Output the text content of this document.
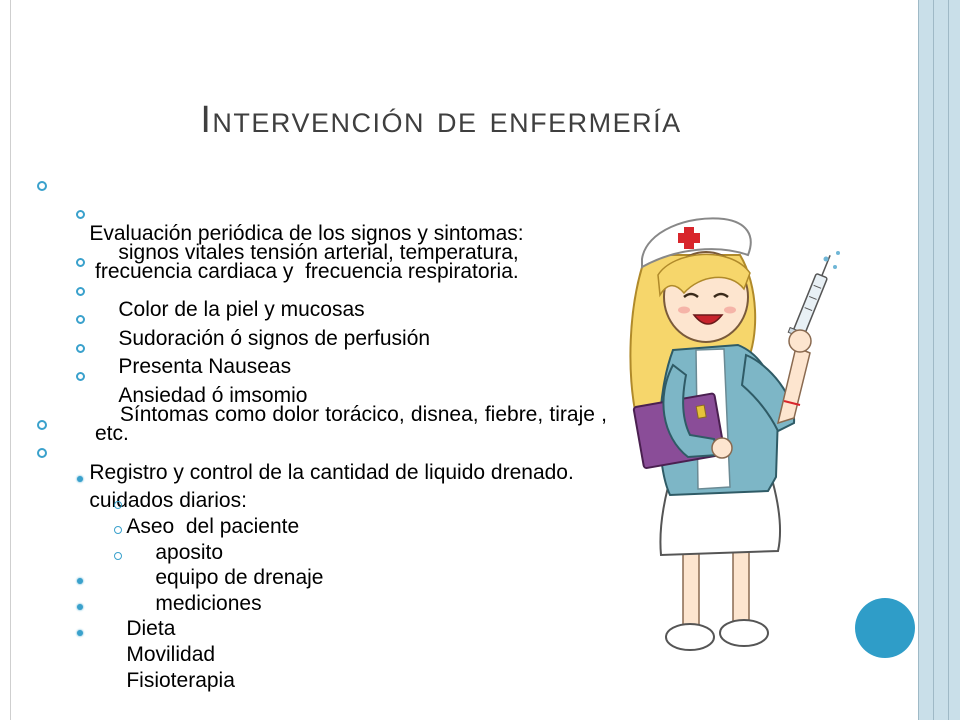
Intervención de enfermería

Evaluación periódica de los signos y sintomas:

signos vitales tensión arterial, temperatura, frecuencia cardiaca y  frecuencia respiratoria.

Color de la piel y mucosas

Sudoración ó signos de perfusión

Presenta Nauseas

Ansiedad ó imsomio

Síntomas como dolor torácico, disnea, fiebre, tiraje , etc.

Registro y control de la cantidad de liquido drenado.

cuidados diarios:

Aseo  del paciente

aposito

equipo de drenaje

mediciones

Dieta

Movilidad

Fisioterapia
